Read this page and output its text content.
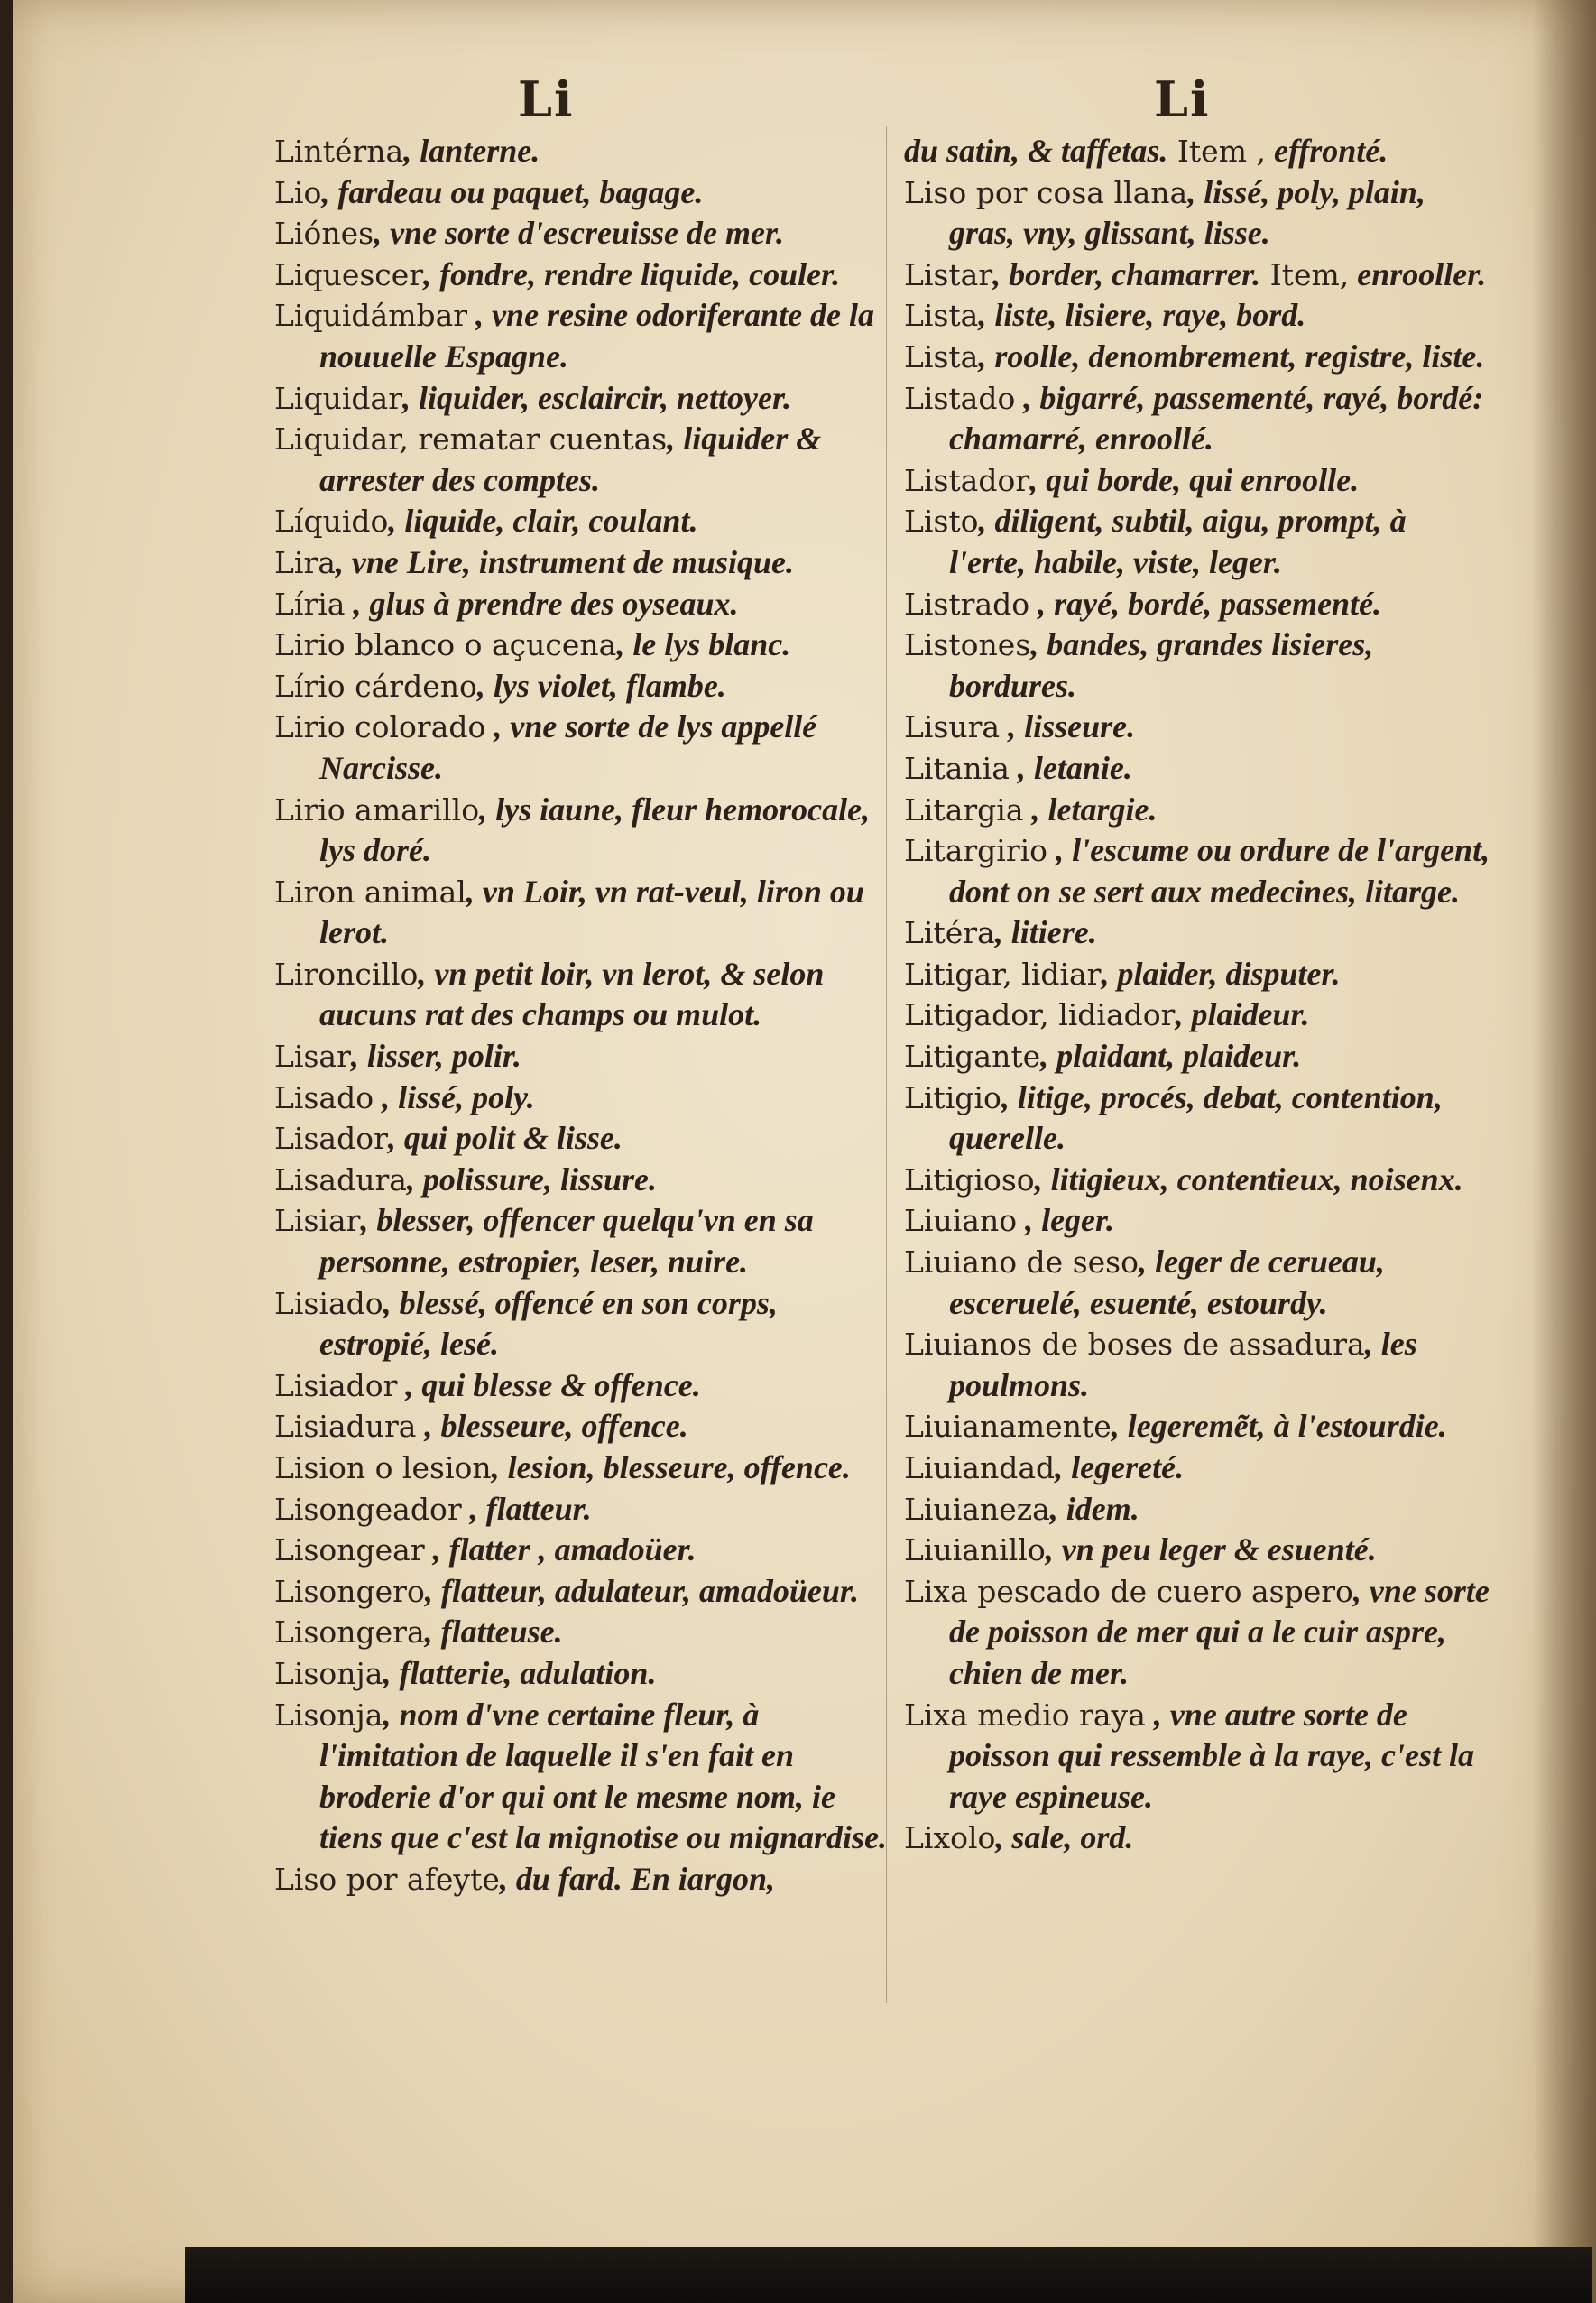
Li	Li

Lintérna, lanterne.

Lio, fardeau ou paquet, bagage.

Liónes, vne sorte d'escreuisse de mer.

Liquescer, fondre, rendre liquide, couler.

Liquidámbar , vne resine odoriferante de la nouuelle Espagne.

Liquidar, liquider, esclaircir, nettoyer.

Liquidar, rematar cuentas, liquider & arrester des comptes.

Líquido, liquide, clair, coulant.

Lira, vne Lire, instrument de musique.

Líria , glus à prendre des oyseaux.

Lirio blanco o açucena, le lys blanc.

Lírio cárdeno, lys violet, flambe.

Lirio colorado , vne sorte de lys appellé Narcisse.

Lirio amarillo, lys iaune, fleur hemorocale, lys doré.

Liron animal, vn Loir, vn rat-veul, liron ou lerot.

Lironcillo, vn petit loir, vn lerot, & selon aucuns rat des champs ou mulot.

Lisar, lisser, polir.

Lisado , lissé, poly.

Lisador, qui polit & lisse.

Lisadura, polissure, lissure.

Lisiar, blesser, offencer quelqu'vn en sa personne, estropier, leser, nuire.

Lisiado, blessé, offencé en son corps, estropié, lesé.

Lisiador , qui blesse & offence.

Lisiadura , blesseure, offence.

Lision o lesion, lesion, blesseure, offence.

Lisongeador , flatteur.

Lisongear , flatter , amadoüer.

Lisongero, flatteur, adulateur, amadoüeur.

Lisongera, flatteuse.

Lisonja, flatterie, adulation.

Lisonja, nom d'vne certaine fleur, à l'imitation de laquelle il s'en fait en broderie d'or qui ont le mesme nom, ie tiens que c'est la mignotise ou mignardise.

Liso por afeyte, du fard. En iargon,

du satin, & taffetas. Item , effronté.

Liso por cosa llana, lissé, poly, plain, gras, vny, glissant, lisse.

Listar, border, chamarrer. Item, enrooller.

Lista, liste, lisiere, raye, bord.

Lista, roolle, denombrement, registre, liste.

Listado , bigarré, passementé, rayé, bordé: chamarré, enroollé.

Listador, qui borde, qui enroolle.

Listo, diligent, subtil, aigu, prompt, à l'erte, habile, viste, leger.

Listrado , rayé, bordé, passementé.

Listones, bandes, grandes lisieres, bordures.

Lisura , lisseure.

Litania , letanie.

Litargia , letargie.

Litargirio , l'escume ou ordure de l'argent, dont on se sert aux medecines, litarge.

Litéra, litiere.

Litigar, lidiar, plaider, disputer.

Litigador, lidiador, plaideur.

Litigante, plaidant, plaideur.

Litigio, litige, procés, debat, contention, querelle.

Litigioso, litigieux, contentieux, noisenx.

Liuiano , leger.

Liuiano de seso, leger de cerueau, esceruelé, esuenté, estourdy.

Liuianos de boses de assadura, les poulmons.

Liuianamente, legeremẽt, à l'estourdie.

Liuiandad, legereté.

Liuianeza, idem.

Liuianillo, vn peu leger & esuenté.

Lixa pescado de cuero aspero, vne sorte de poisson de mer qui a le cuir aspre, chien de mer.

Lixa medio raya , vne autre sorte de poisson qui ressemble à la raye, c'est la raye espineuse.

Lixolo, sale, ord.
